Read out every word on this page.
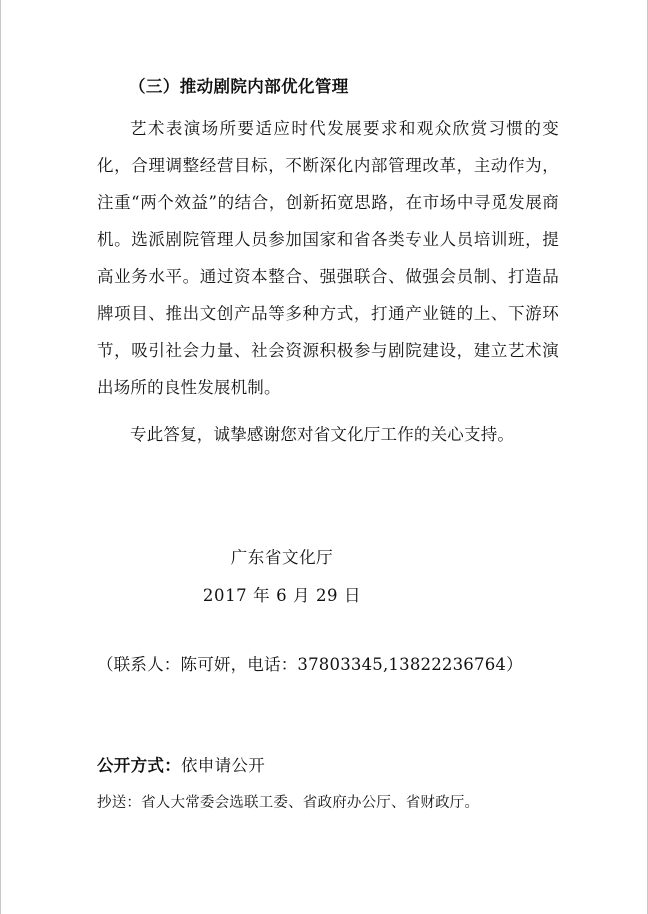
（三）推动剧院内部优化管理

艺术表演场所要适应时代发展要求和观众欣赏习惯的变化，合理调整经营目标，不断深化内部管理改革，主动作为，注重“两个效益”的结合，创新拓宽思路，在市场中寻觅发展商机。选派剧院管理人员参加国家和省各类专业人员培训班，提高业务水平。通过资本整合、强强联合、做强会员制、打造品牌项目、推出文创产品等多种方式，打通产业链的上、下游环节，吸引社会力量、社会资源积极参与剧院建设，建立艺术演出场所的良性发展机制。

专此答复，诚挚感谢您对省文化厅工作的关心支持。

广东省文化厅
2017 年 6 月 29 日
（联系人：陈可妍，电话：37803345,13822236764）
公开方式：依申请公开
抄送：省人大常委会选联工委、省政府办公厅、省财政厅。
